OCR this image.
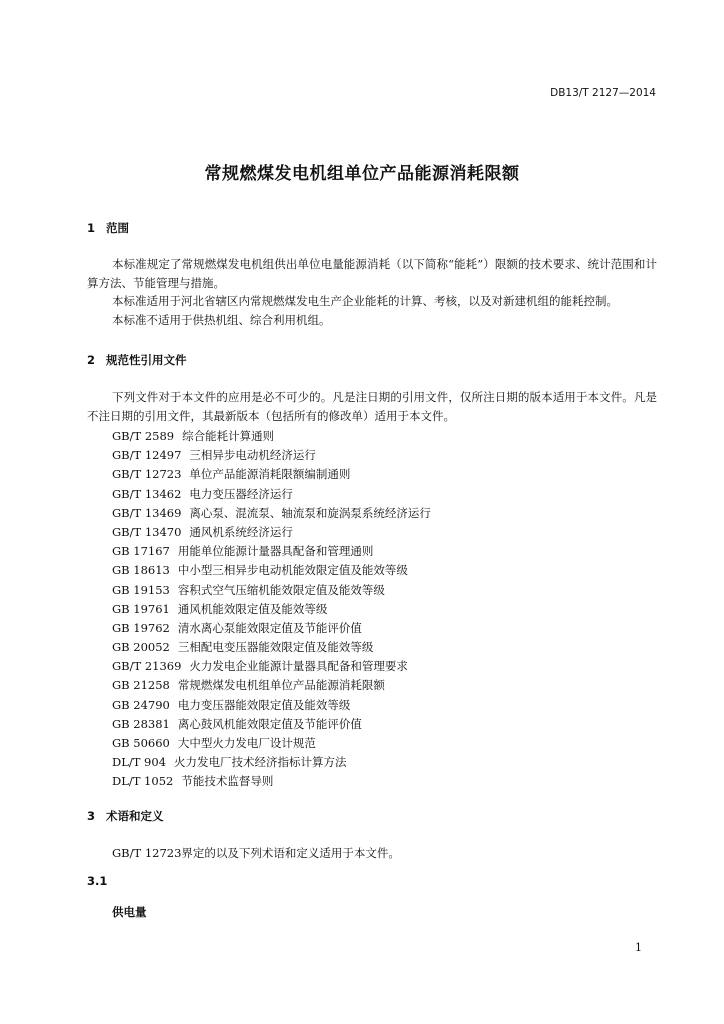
DB13/T 2127—2014
常规燃煤发电机组单位产品能源消耗限额
1 范围
本标准规定了常规燃煤发电机组供出单位电量能源消耗（以下简称“能耗”）限额的技术要求、统计范围和计算方法、节能管理与措施。
本标准适用于河北省辖区内常规燃煤发电生产企业能耗的计算、考核，以及对新建机组的能耗控制。
本标准不适用于供热机组、综合利用机组。
2 规范性引用文件
下列文件对于本文件的应用是必不可少的。凡是注日期的引用文件，仅所注日期的版本适用于本文件。凡是不注日期的引用文件，其最新版本（包括所有的修改单）适用于本文件。
GB/T 2589 综合能耗计算通则
GB/T 12497 三相异步电动机经济运行
GB/T 12723 单位产品能源消耗限额编制通则
GB/T 13462 电力变压器经济运行
GB/T 13469 离心泵、混流泵、轴流泵和旋涡泵系统经济运行
GB/T 13470 通风机系统经济运行
GB 17167 用能单位能源计量器具配备和管理通则
GB 18613 中小型三相异步电动机能效限定值及能效等级
GB 19153 容积式空气压缩机能效限定值及能效等级
GB 19761 通风机能效限定值及能效等级
GB 19762 清水离心泵能效限定值及节能评价值
GB 20052 三相配电变压器能效限定值及能效等级
GB/T 21369 火力发电企业能源计量器具配备和管理要求
GB 21258 常规燃煤发电机组单位产品能源消耗限额
GB 24790 电力变压器能效限定值及能效等级
GB 28381 离心鼓风机能效限定值及节能评价值
GB 50660 大中型火力发电厂设计规范
DL/T 904 火力发电厂技术经济指标计算方法
DL/T 1052 节能技术监督导则
3 术语和定义
GB/T 12723界定的以及下列术语和定义适用于本文件。
3.1
供电量
1
